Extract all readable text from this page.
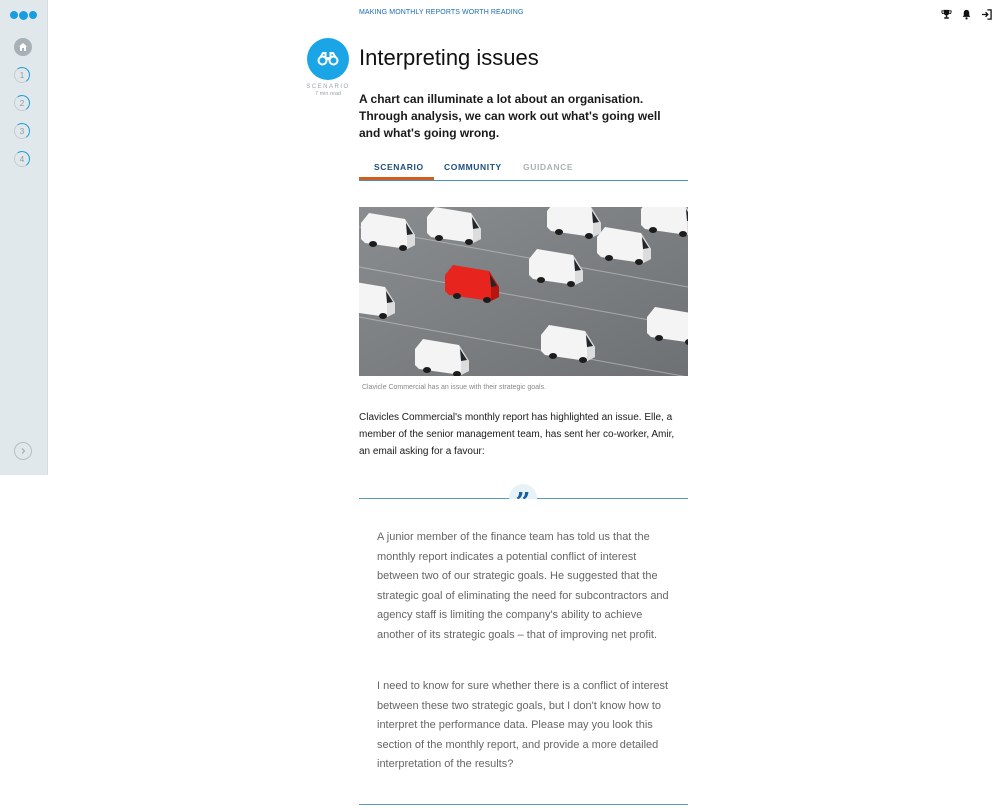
1
2
3
4
SCENARIO
7 min read
MAKING MONTHLY REPORTS WORTH READING
Interpreting issues

A chart can illuminate a lot about an organisation. Through analysis, we can work out what's going well and what's going wrong.

SCENARIO COMMUNITY GUIDANCE
Clavicle Commercial has an issue with their strategic goals.

Clavicles Commercial's monthly report has highlighted an issue. Elle, a member of the senior management team, has sent her co-worker, Amir, an email asking for a favour:

A junior member of the finance team has told us that the monthly report indicates a potential conflict of interest between two of our strategic goals. He suggested that the strategic goal of eliminating the need for subcontractors and agency staff is limiting the company's ability to achieve another of its strategic goals – that of improving net profit.

I need to know for sure whether there is a conflict of interest between these two strategic goals, but I don't know how to interpret the performance data. Please may you look this section of the monthly report, and provide a more detailed interpretation of the results?
